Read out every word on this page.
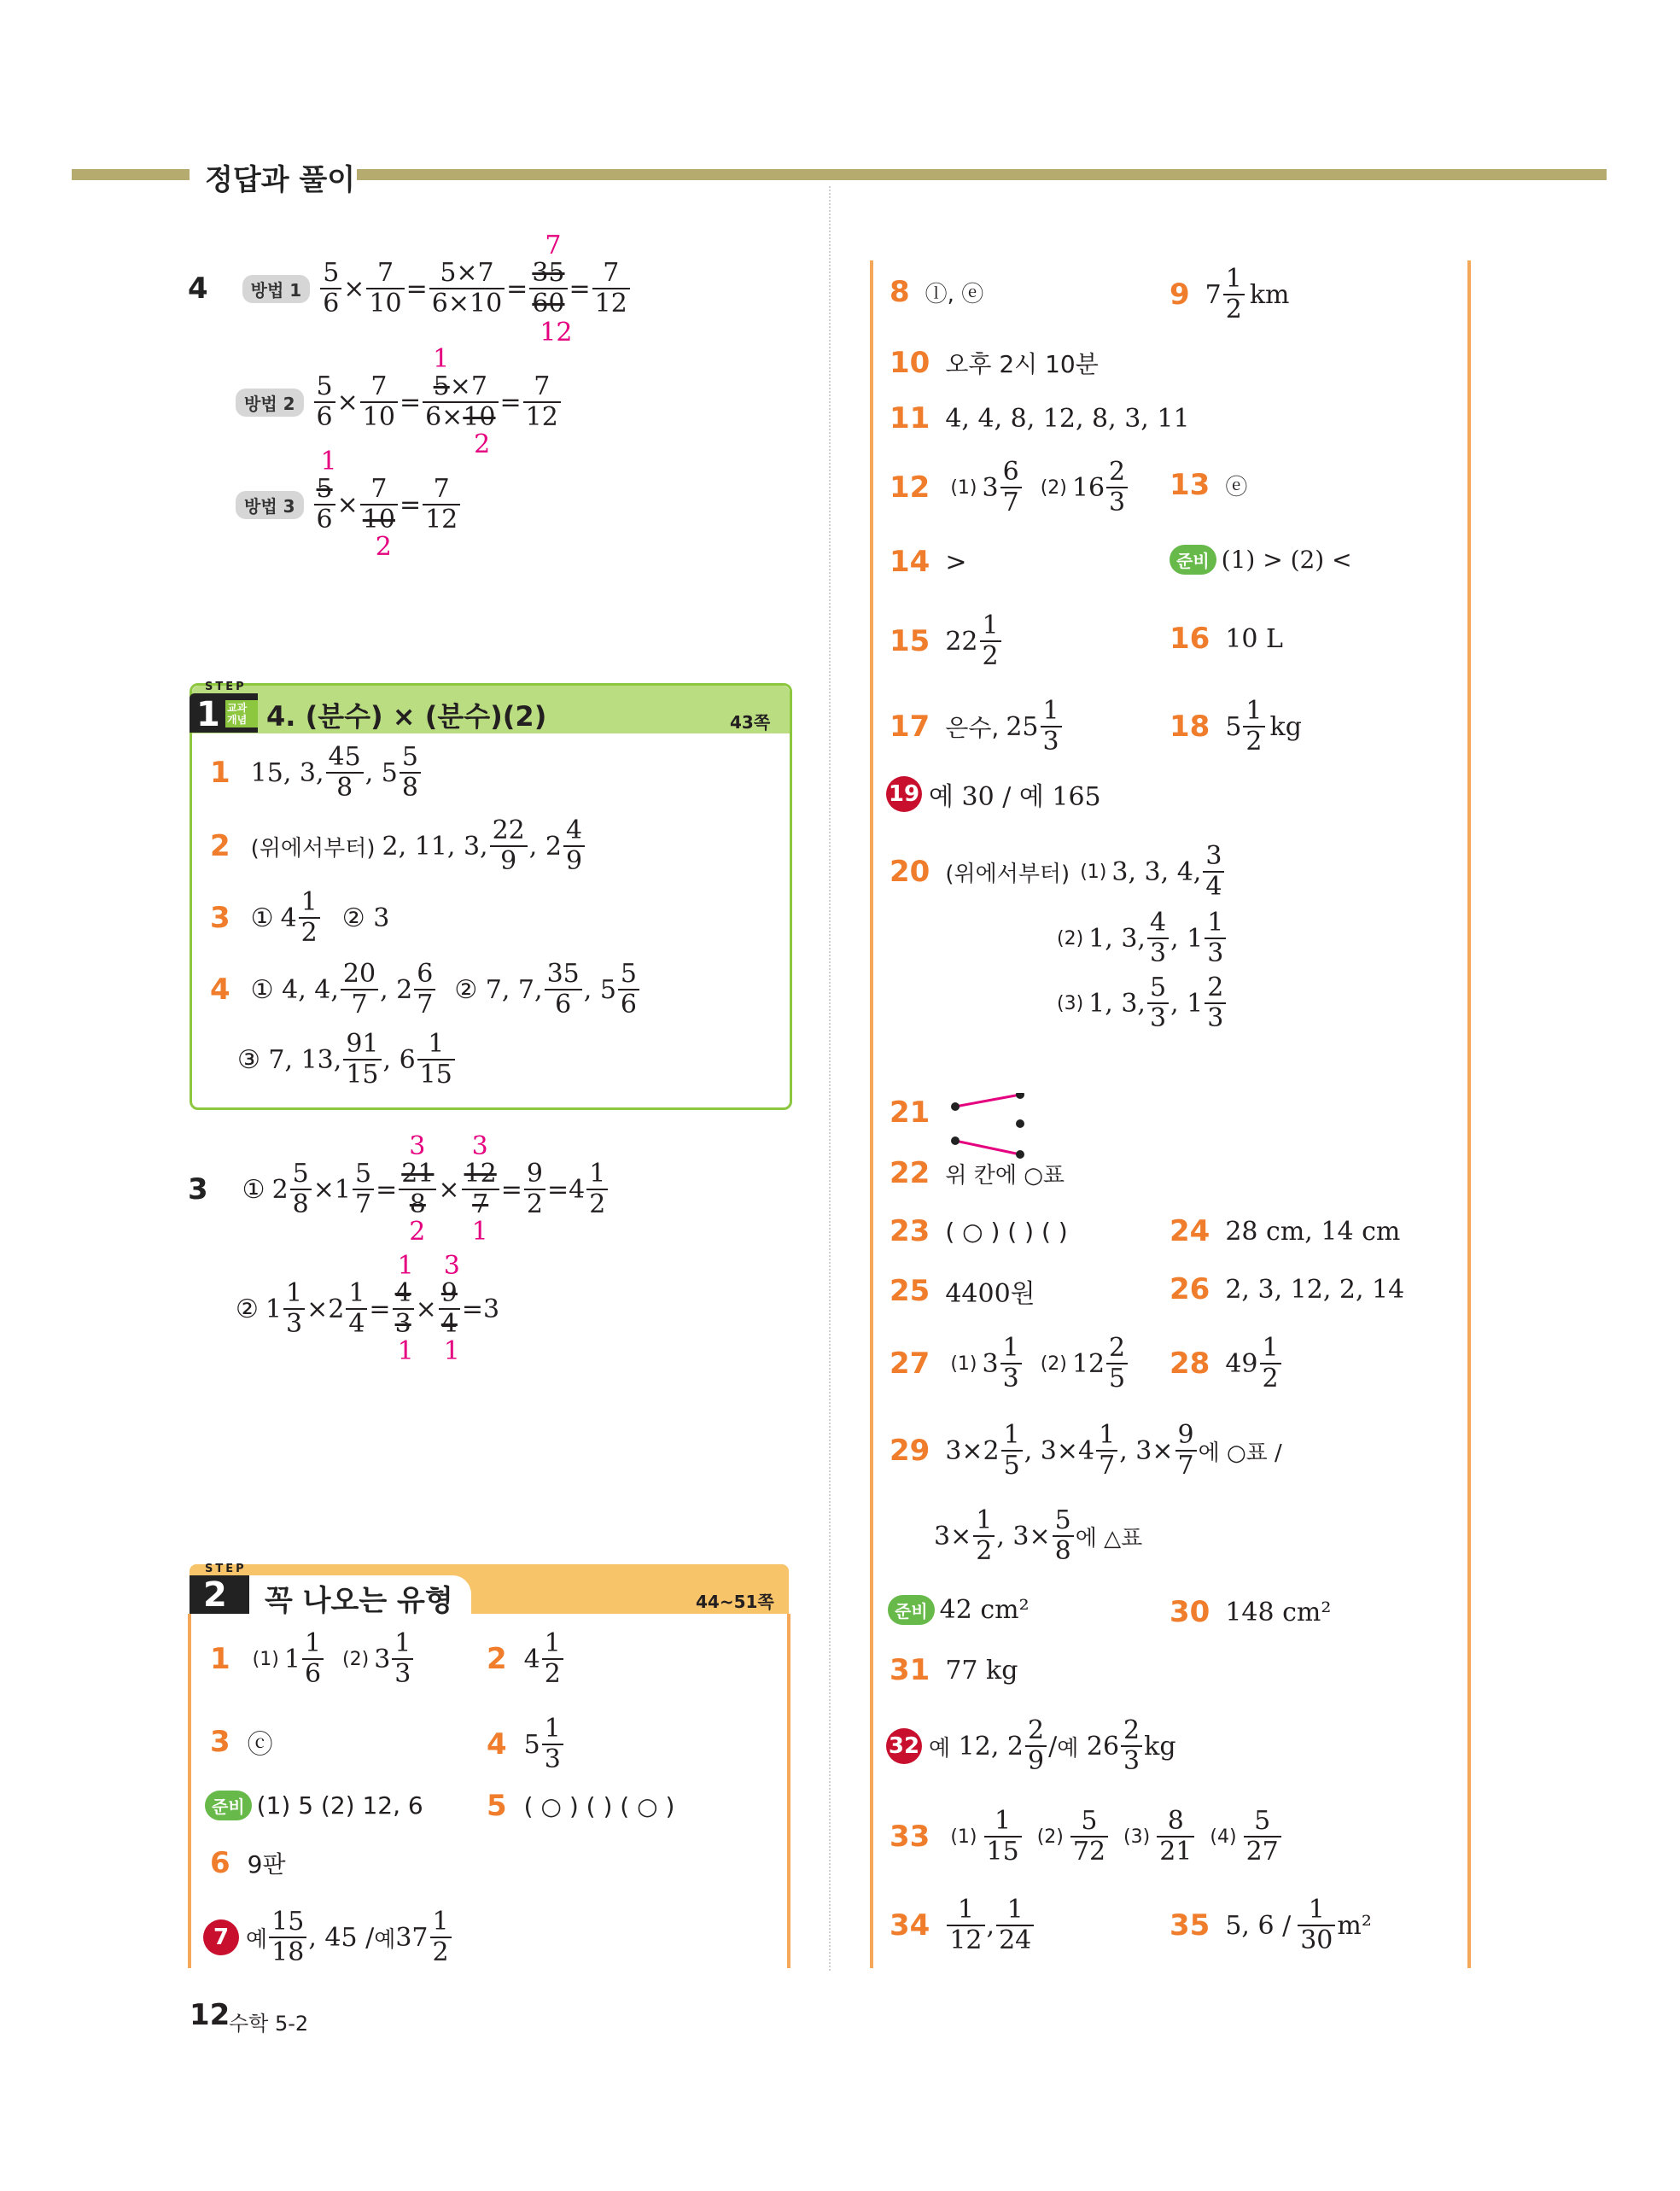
정답과 풀이
4	방법 $1 \frac{5}{6} \times \frac{7}{10} = \frac{5\times 7}{6\times 10}$ =
7
35
60
12
= $\frac{7}{12}$
방법 $2 \frac{5}{6} \times \frac{7}{10}$ =
1
5×7
6×10
2
= $\frac{7}{12}$
방법 3
1
5
6 ×
7
10
2
= $\frac{7}{12}$
STEP
1 교과개념 4. (분수) × (분수)(2)	43쪽
1 15, 3, $\frac{45}{8}$ , $5 \frac{5}{8}$
2 (위에서부터) 2, 11, 3, $\frac{22}{9}$ , $2 \frac{4}{9}$
3 ① $4 \frac{1}{2}$ ② 3
4 ① 4, 4, $\frac{20}{7}$ , $2 \frac{6}{7}$ ② 7, 7, $\frac{35}{6}$ , $5 \frac{5}{6}$
③ 7, 13, $\frac{91}{15}$ , $6 \frac{1}{15}$
3 ① $2 \frac{5}{8} \times 1 \frac{5}{7}$ =
3
21
8
2
×
3
12
7
1
= $\frac{9}{2} =4 \frac{1}{2}$
② $1 \frac{1}{3} \times 2 \frac{1}{4}$ =
1
4
3
1
×
3
9
4
1
=3
STEP
2 꼭 나오는 유형	44~51쪽
1 (1) $1 \frac{1}{6} (2)$ $3 \frac{1}{3}$	2 $4 \frac{1}{2}$
3 ⓒ	4 $5 \frac{1}{3}$
준비 (1) 5 (2) 12, 6 5 ( ○ ) ( ) ( ○ )
6 9판
7 예 $\frac{15}{18}$ , 45 / 예 $37 \frac{1}{2}$
12
수학 5-2
8 ⓛ, ⓔ	9 $7 \frac{1}{2}$ km
10 오후 2시 10분
11 4, 4, 8, 12, 8, 3, 11
12 (1) $3 \frac{6}{7} (2)$ $16 \frac{2}{3} 13$ ⓔ
14 >	준비 (1) > (2) <
15 $22 \frac{1}{2}$	16 10 L
17 은수, $25 \frac{1}{3}$	18 $5 \frac{1}{2}$ kg
19 예 30 / 예 165
20 (위에서부터) (1) 3, 3, 4, $\frac{3}{4}$
(2) 1, 3, $\frac{4}{3}$ , $1 \frac{1}{3}$
(3) 1, 3, $\frac{5}{3}$ , $1 \frac{2}{3}$
21
22 위 칸에 ○표
23 ( ○ ) ( ) ( )	24 28 cm, 14 cm
25 4400원	26 2, 3, 12, 2, 14
27 (1) $3 \frac{1}{3} (2)$ $12 \frac{2}{5} 28$ $49 \frac{1}{2}$
29 $3\times 2 \frac{1}{5}$ , $3\times 4 \frac{1}{7}$ , $3\times \frac{9}{7}$ 에 ○표 /
$3\times \frac{1}{2}$ , $3\times \frac{5}{8}$ 에 △표
준비 42 cm²	30 148 cm²
31 77 kg
32 예 12, $2 \frac{2}{9}$ / 예 $26 \frac{2}{3}$ kg
33 $(1) \frac{1}{15} (2) \frac{5}{72} (3) \frac{8}{21} (4) \frac{5}{27}$
$34 \frac{1}{12}$ , $\frac{1}{24}$	35 5, $6 / \frac{1}{30} m^2$
